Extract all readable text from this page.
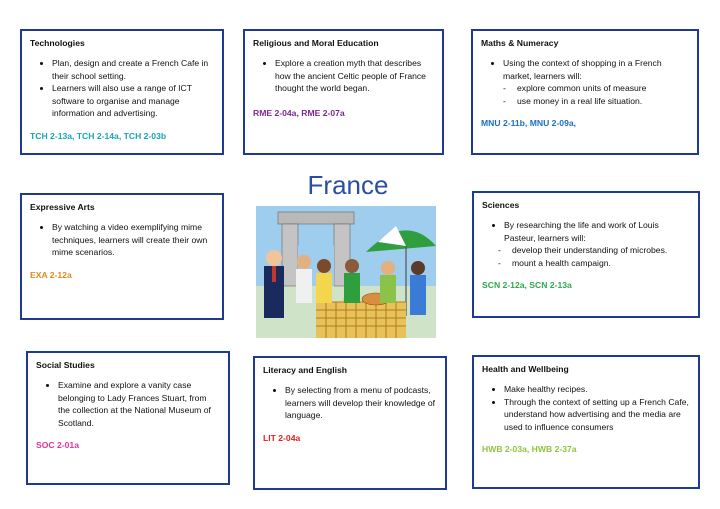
Technologies
• Plan, design and create a French Cafe in their school setting.
• Learners will also use a range of ICT software to organise and manage information and advertising.
TCH 2-13a, TCH 2-14a, TCH 2-03b
Religious and Moral Education
• Explore a creation myth that describes how the ancient Celtic people of France thought the world began.
RME 2-04a, RME 2-07a
Maths & Numeracy
• Using the context of shopping in a French market, learners will:
- explore common units of measure
- use money in a real life situation.
MNU 2-11b, MNU 2-09a,
Expressive Arts
• By watching a video exemplifying mime techniques, learners will create their own mime scenarios.
EXA 2-12a
France
Sciences
• By researching the life and work of Louis Pasteur, learners will:
- develop their understanding of microbes.
- mount a health campaign.
SCN 2-12a, SCN 2-13a
Social Studies
• Examine and explore a vanity case belonging to Lady Frances Stuart, from the collection at the National Museum of Scotland.
SOC 2-01a
Literacy and English
• By selecting from a menu of podcasts, learners will develop their knowledge of language.
LIT 2-04a
Health and Wellbeing
• Make healthy recipes.
• Through the context of setting up a French Cafe, understand how advertising and the media are used to influence consumers
HWB 2-03a, HWB 2-37a
